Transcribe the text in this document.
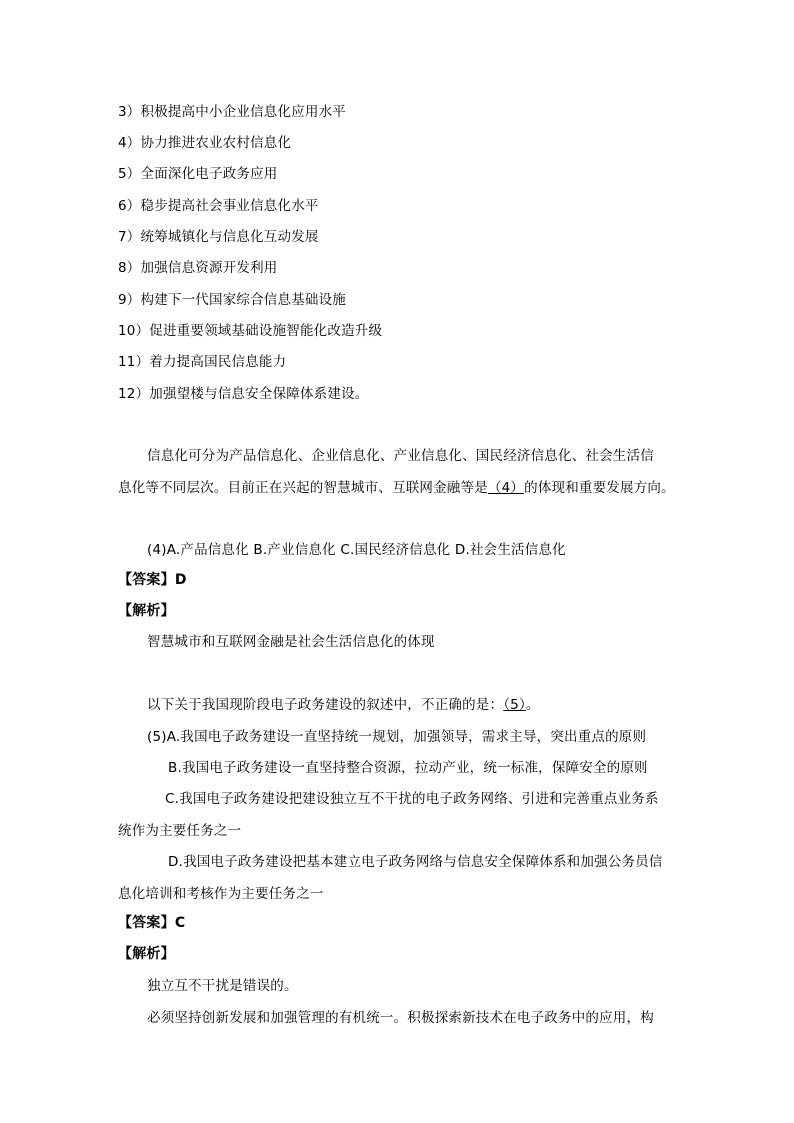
3）积极提高中小企业信息化应用水平
4）协力推进农业农村信息化
5）全面深化电子政务应用
6）稳步提高社会事业信息化水平
7）统筹城镇化与信息化互动发展
8）加强信息资源开发利用
9）构建下一代国家综合信息基础设施
10）促进重要领域基础设施智能化改造升级
11）着力提高国民信息能力
12）加强望楼与信息安全保障体系建设。
信息化可分为产品信息化、企业信息化、产业信息化、国民经济信息化、社会生活信
息化等不同层次。目前正在兴起的智慧城市、互联网金融等是（4）的体现和重要发展方向。
(4)A.产品信息化 B.产业信息化 C.国民经济信息化 D.社会生活信息化
【答案】D
【解析】
智慧城市和互联网金融是社会生活信息化的体现
以下关于我国现阶段电子政务建设的叙述中，不正确的是：（5）。
(5)A.我国电子政务建设一直坚持统一规划，加强领导，需求主导，突出重点的原则
B.我国电子政务建设一直坚持整合资源，拉动产业，统一标准，保障安全的原则
C.我国电子政务建设把建设独立互不干扰的电子政务网络、引进和完善重点业务系
统作为主要任务之一
D.我国电子政务建设把基本建立电子政务网络与信息安全保障体系和加强公务员信
息化培训和考核作为主要任务之一
【答案】C
【解析】
独立互不干扰是错误的。
必须坚持创新发展和加强管理的有机统一。积极探索新技术在电子政务中的应用，构
